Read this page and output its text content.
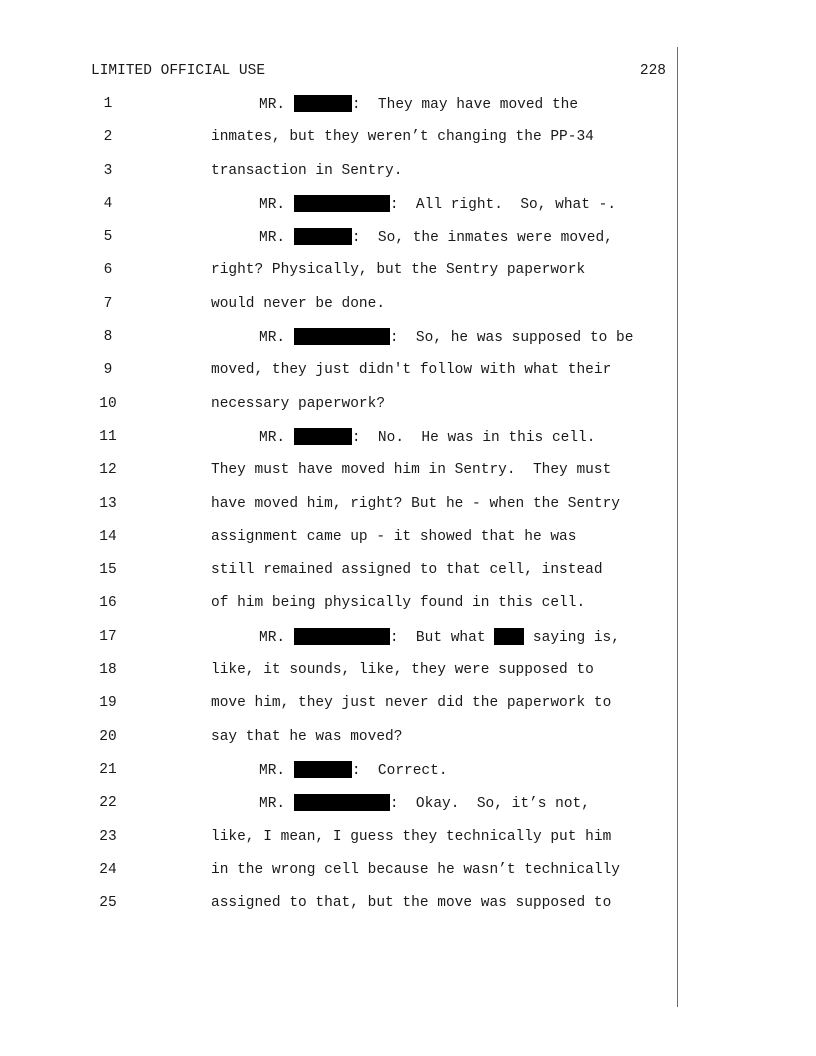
LIMITED OFFICIAL USE	228
1	MR.	:  They may have moved the
2	inmates, but they weren’t changing the PP-34
3	transaction in Sentry.
4	MR.	:  All right.  So, what -.
5	MR.	:  So, the inmates were moved,
6	right? Physically, but the Sentry paperwork
7	would never be done.
8	MR.	:  So, he was supposed to be
9	moved, they just didn't follow with what their
10	necessary paperwork?
11	MR.	:  No.  He was in this cell.
12	They must have moved him in Sentry.  They must
13	have moved him, right? But he - when the Sentry
14	assignment came up - it showed that he was
15	still remained assigned to that cell, instead
16	of him being physically found in this cell.
17	MR.	:  But what  saying is,
18	like, it sounds, like, they were supposed to
19	move him, they just never did the paperwork to
20	say that he was moved?
21	MR.	:  Correct.
22	MR.	:  Okay.  So, it’s not,
23	like, I mean, I guess they technically put him
24	in the wrong cell because he wasn’t technically
25	assigned to that, but the move was supposed to
